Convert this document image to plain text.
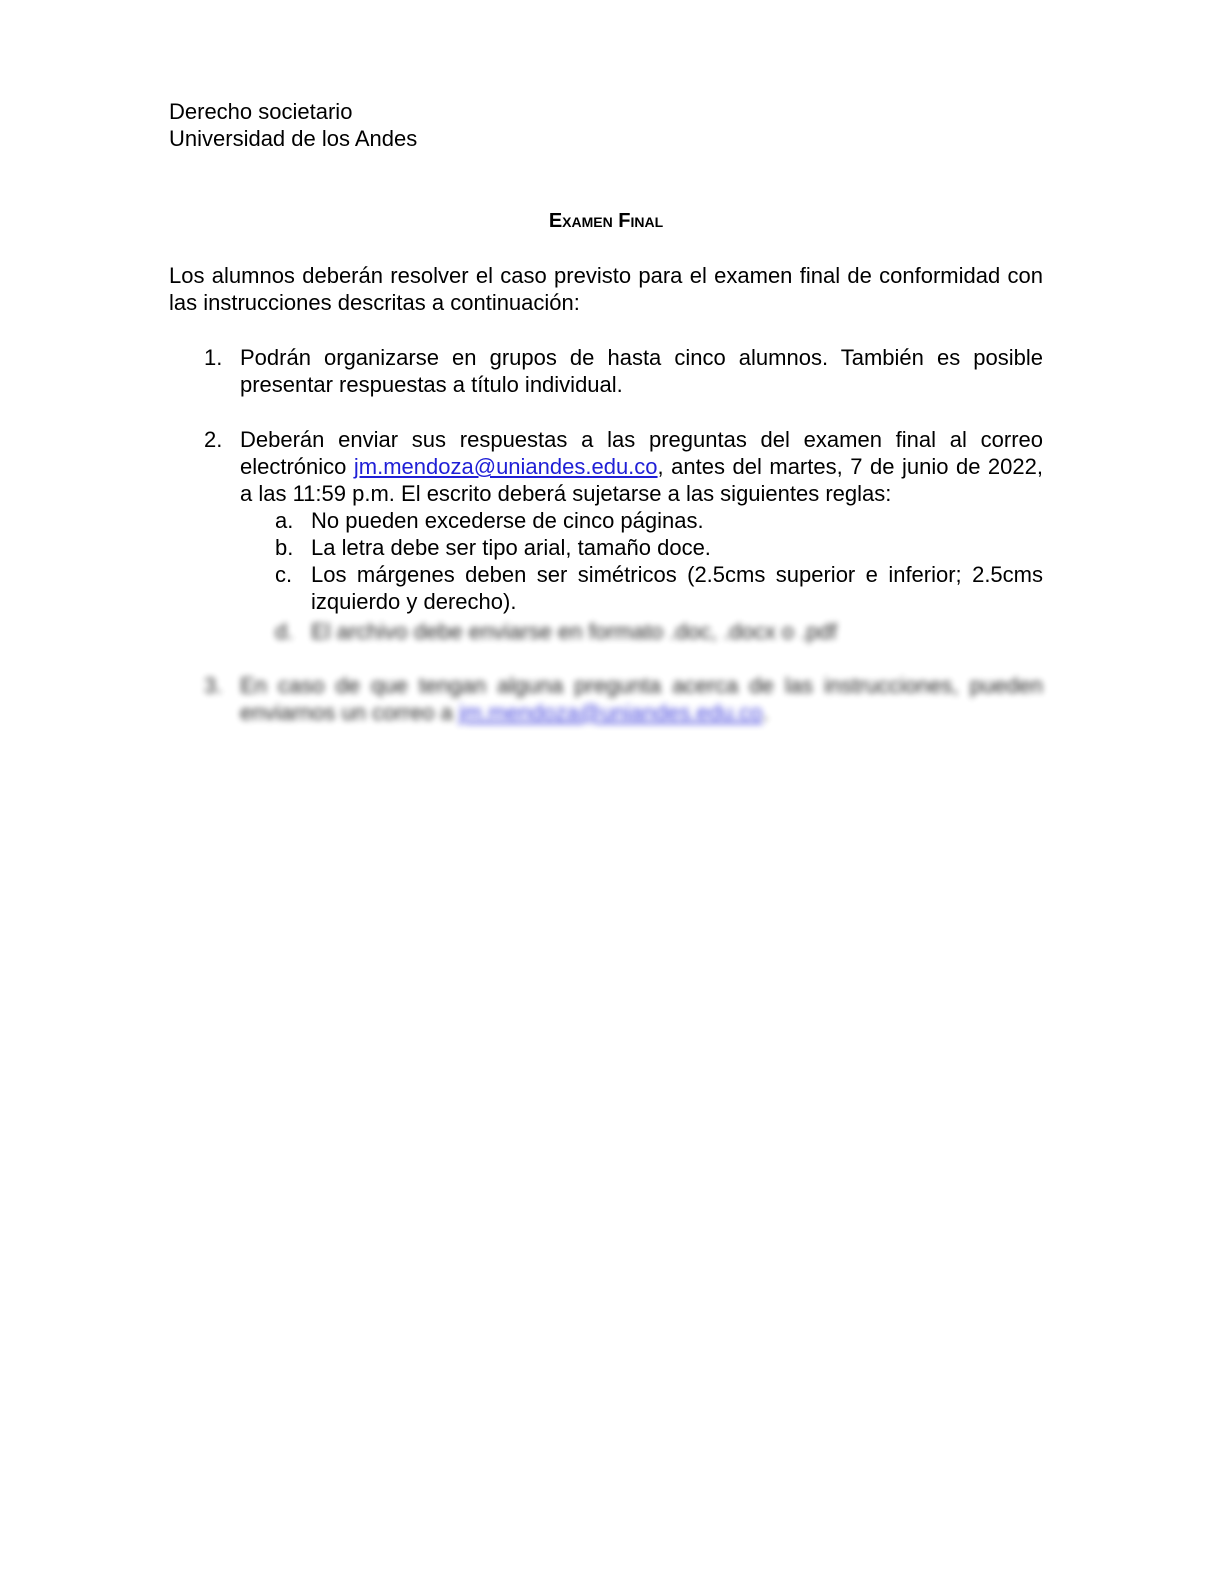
Derecho societario
Universidad de los Andes
Examen Final
Los alumnos deberán resolver el caso previsto para el examen final de conformidad con las instrucciones descritas a continuación:
1. Podrán organizarse en grupos de hasta cinco alumnos. También es posible presentar respuestas a título individual.
2. Deberán enviar sus respuestas a las preguntas del examen final al correo electrónico jm.mendoza@uniandes.edu.co, antes del martes, 7 de junio de 2022, a las 11:59 p.m. El escrito deberá sujetarse a las siguientes reglas:
a. No pueden excederse de cinco páginas.
b. La letra debe ser tipo arial, tamaño doce.
c. Los márgenes deben ser simétricos (2.5cms superior e inferior; 2.5cms izquierdo y derecho).
d. El archivo debe enviarse en formato .doc, .docx o .pdf
3. En caso de que tengan alguna pregunta acerca de las instrucciones, pueden enviarnos un correo a jm.mendoza@uniandes.edu.co.
